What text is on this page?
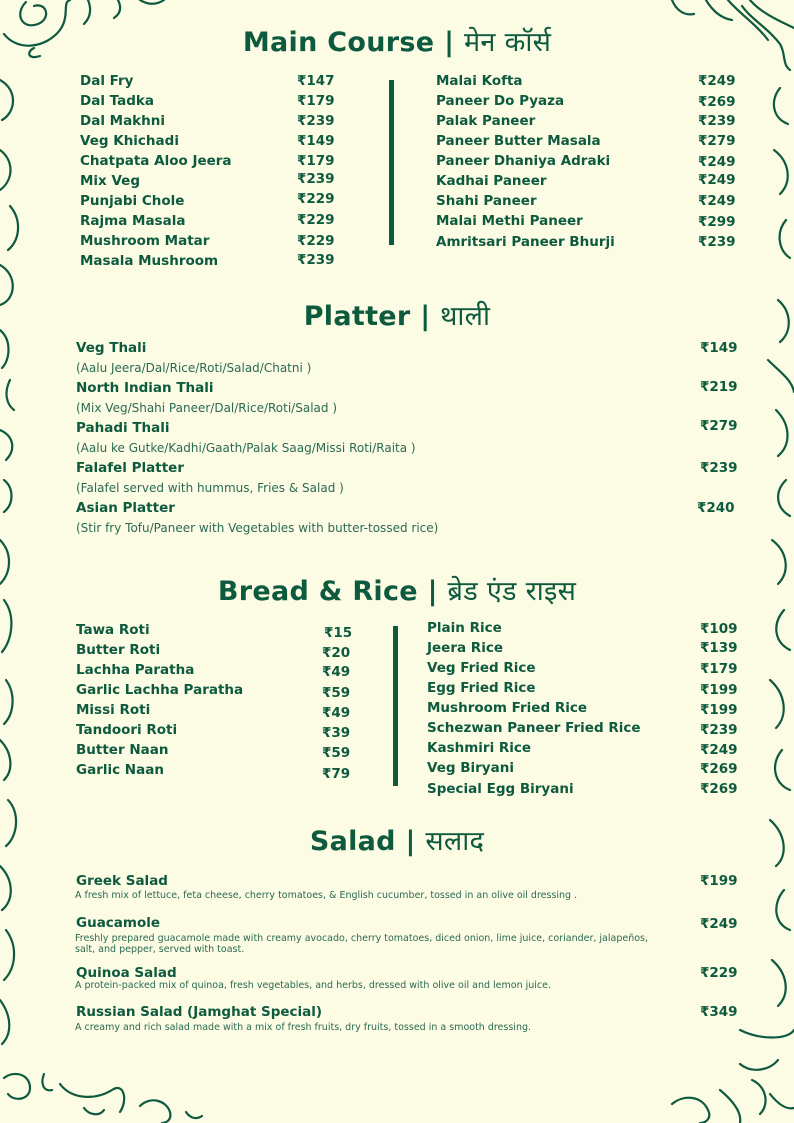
Main Course | मेन कॉर्स
Dal Fry	₹147
Dal Tadka	₹179
Dal Makhni	₹239
Veg Khichadi	₹149
Chatpata Aloo Jeera	₹179
Mix Veg	₹239
Punjabi Chole	₹229
Rajma Masala	₹229
Mushroom Matar	₹229
Masala Mushroom	₹239
Malai Kofta	₹249
Paneer Do Pyaza	₹269
Palak Paneer	₹239
Paneer Butter Masala	₹279
Paneer Dhaniya Adraki	₹249
Kadhai Paneer	₹249
Shahi Paneer	₹249
Malai Methi Paneer	₹299
Amritsari Paneer Bhurji	₹239
Platter | थाली
Veg Thali	₹149
(Aalu Jeera/Dal/Rice/Roti/Salad/Chatni )
North Indian Thali	₹219
(Mix Veg/Shahi Paneer/Dal/Rice/Roti/Salad )
Pahadi Thali	₹279
(Aalu ke Gutke/Kadhi/Gaath/Palak Saag/Missi Roti/Raita )
Falafel Platter	₹239
(Falafel served with hummus, Fries & Salad )
Asian Platter	₹240
(Stir fry Tofu/Paneer with Vegetables with butter-tossed rice)
Bread & Rice | ब्रेड एंड राइस
Tawa Roti	₹15
Butter Roti	₹20
Lachha Paratha	₹49
Garlic Lachha Paratha	₹59
Missi Roti	₹49
Tandoori Roti	₹39
Butter Naan	₹59
Garlic Naan	₹79
Plain Rice	₹109
Jeera Rice	₹139
Veg Fried Rice	₹179
Egg Fried Rice	₹199
Mushroom Fried Rice	₹199
Schezwan Paneer Fried Rice	₹239
Kashmiri Rice	₹249
Veg Biryani	₹269
Special Egg Biryani	₹269
Salad | सलाद
Greek Salad	₹199
A fresh mix of lettuce, feta cheese, cherry tomatoes, & English cucumber, tossed in an olive oil dressing .
Guacamole	₹249
Freshly prepared guacamole made with creamy avocado, cherry tomatoes, diced onion, lime juice, coriander, jalapeños, salt, and pepper, served with toast.
Quinoa Salad	₹229
A protein-packed mix of quinoa, fresh vegetables, and herbs, dressed with olive oil and lemon juice.
Russian Salad (Jamghat Special)	₹349
A creamy and rich salad made with a mix of fresh fruits, dry fruits, tossed in a smooth dressing.
